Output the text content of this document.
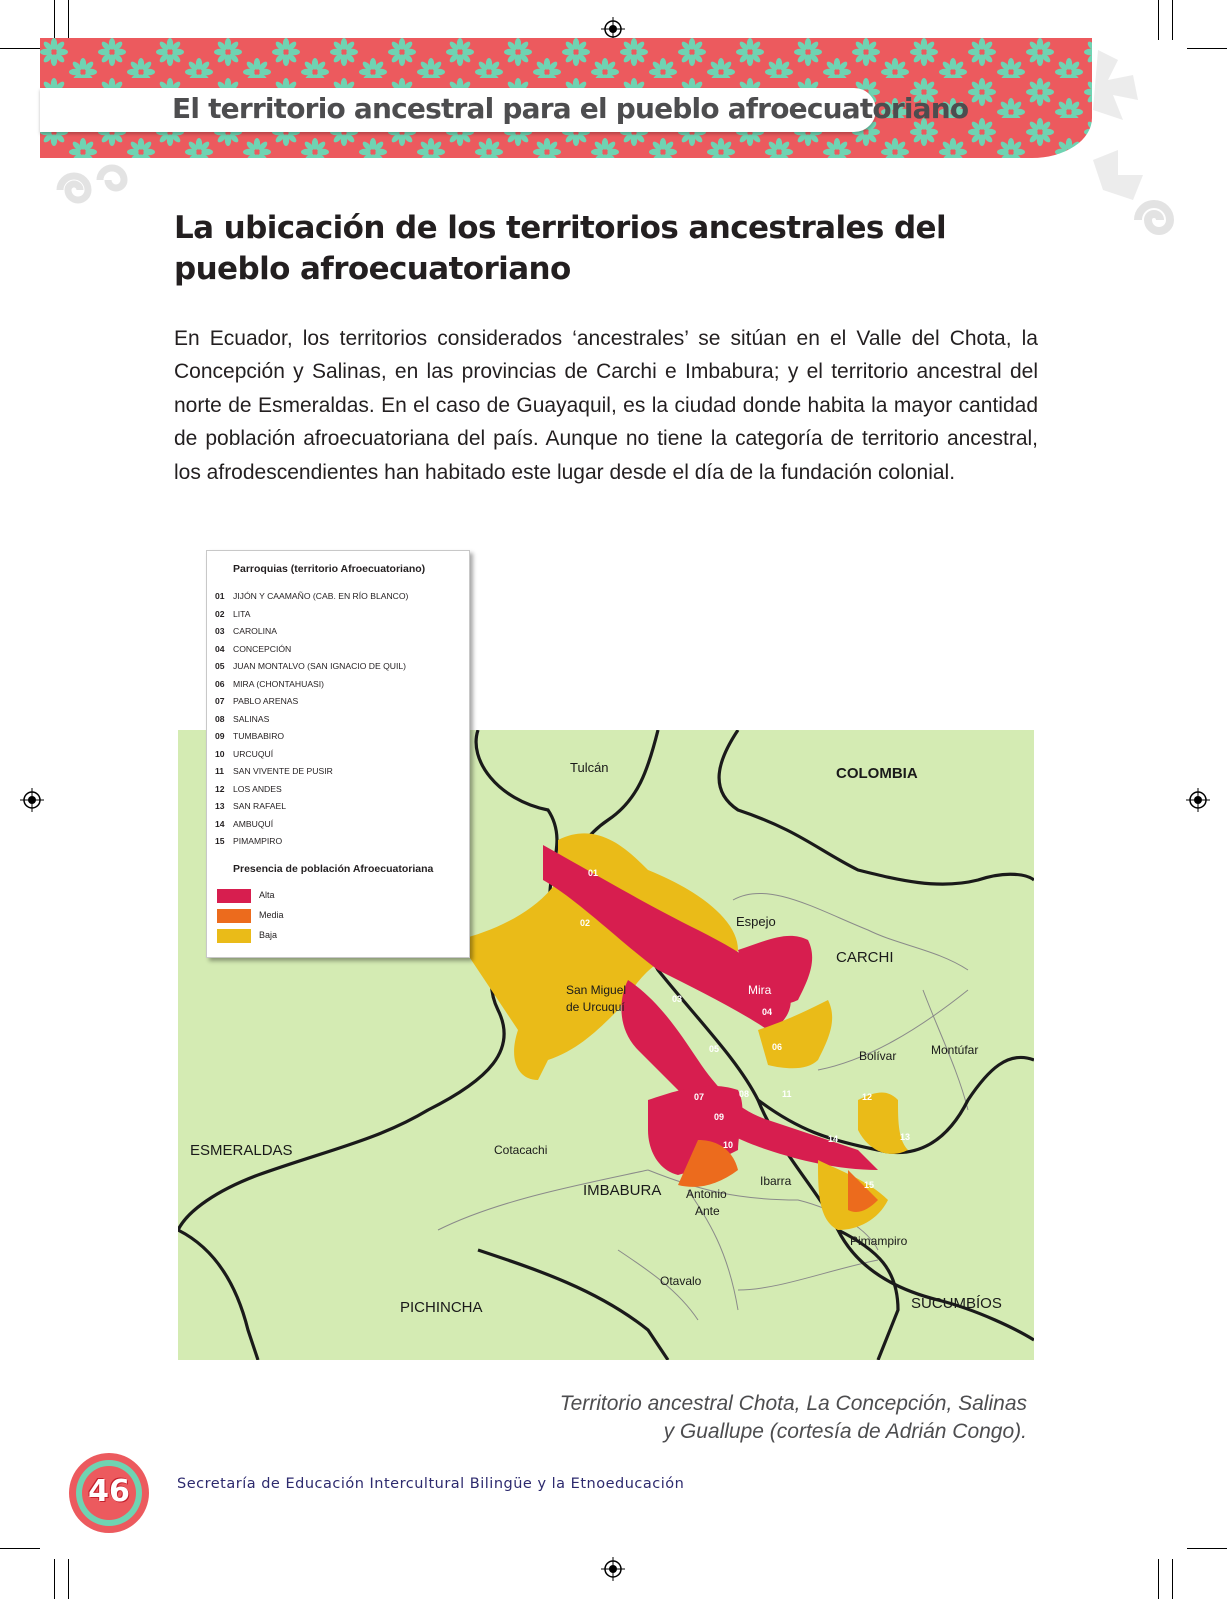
El territorio ancestral para el pueblo afroecuatoriano
La ubicación de los territorios ancestrales del pueblo afroecuatoriano

En Ecuador, los territorios considerados ‘ancestrales’ se sitúan en el Valle del Chota, la Concepción y Salinas, en las provincias de Carchi e Imbabura; y el territorio ancestral del norte de Esmeraldas. En el caso de Guayaquil, es la ciudad donde habita la mayor cantidad de población afroecuatoriana del país. Aunque no tiene la categoría de territorio ancestral, los afrodescendientes han habitado este lugar desde el día de la fundación colonial.

Tulcán	COLOMBIA
Espejo
CARCHI
Mira
San Miguel
de Urcuquí
Bolívar	Montúfar
ESMERALDAS	Cotacachi
IMBABURA Antonio
Ante
Ibarra
Pimampiro
Otavalo
PICHINCHA	SUCUMBÍOS
01
02
03
04
05	06
07	08
09
10
11	12
13
14
15
Parroquias (territorio Afroecuatoriano)
01 JIJÓN Y CAAMAÑO (CAB. EN RÍO BLANCO)
02 LITA
03 CAROLINA
04 CONCEPCIÓN
05 JUAN MONTALVO (SAN IGNACIO DE QUIL)
06 MIRA (CHONTAHUASI)
07 PABLO ARENAS
08 SALINAS
09 TUMBABIRO
10 URCUQUÍ
11 SAN VIVENTE DE PUSIR
12 LOS ANDES
13 SAN RAFAEL
14 AMBUQUÍ
15 PIMAMPIRO
Presencia de población Afroecuatoriana
Alta
Media
Baja
Territorio ancestral Chota, La Concepción, Salinas
y Guallupe (cortesía de Adrián Congo).
46	Secretaría de Educación Intercultural Bilingüe y la Etnoeducación
